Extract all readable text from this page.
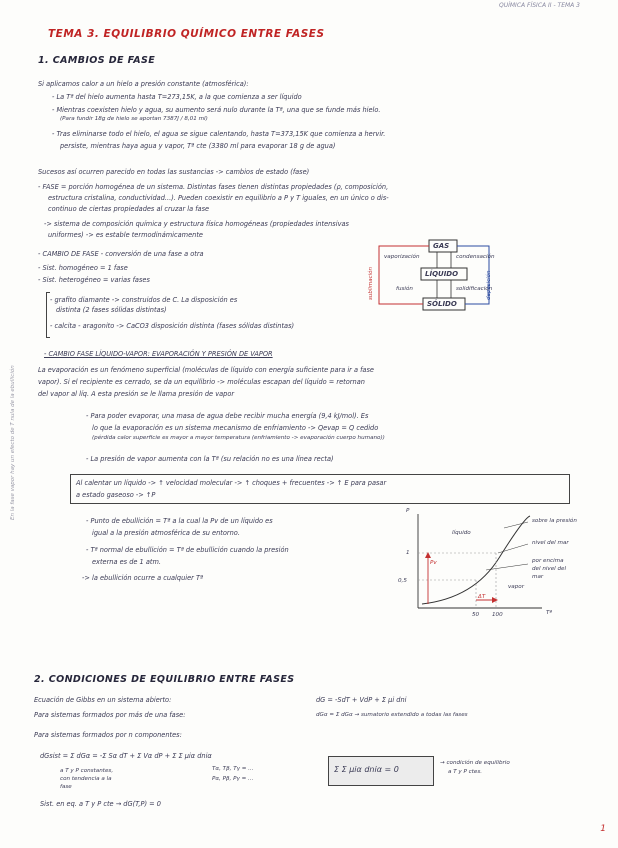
QUÍMICA FÍSICA II - TEMA 3
TEMA 3. EQUILIBRIO QUÍMICO ENTRE FASES
1. CAMBIOS DE FASE
Si aplicamos calor a un hielo a presión constante (atmosférica):
- La Tª del hielo aumenta hasta T=273,15K, a la que comienza a ser líquido
- Mientras coexisten hielo y agua, su aumento será nulo durante la Tª, una que se funde más hielo.
(Para fundir 18g de hielo se aportan 7387J / 8,01 ml)
- Tras eliminarse todo el hielo, el agua se sigue calentando, hasta T=373,15K que comienza a hervir.
persiste, mientras haya agua y vapor, Tª cte (3380 ml para evaporar 18 g de agua)
Sucesos así ocurren parecido en todas las sustancias -> cambios de estado (fase)
- FASE = porción homogénea de un sistema. Distintas fases tienen distintas propiedades (ρ, composición,
estructura cristalina, conductividad...). Pueden coexistir en equilibrio a P y T iguales, en un único o dis-
continuo de ciertas propiedades al cruzar la fase
-> sistema de composición química y estructura física homogéneas (propiedades intensivas
uniformes) -> es estable termodinámicamente
- CAMBIO DE FASE - conversión de una fase a otra
- Sist. homogéneo = 1 fase
- Sist. heterogéneo = varias fases
- grafito diamante -> construidos de C. La disposición es
distinta (2 fases sólidas distintas)
- calcita - aragonito -> CaCO3 disposición distinta (fases sólidas distintas)
GAS
LÍQUIDO
SÓLIDO
vaporización	condensación
fusión	solidificación
sublimación	deposición
- CAMBIO FASE LÍQUIDO-VAPOR: EVAPORACIÓN Y PRESIÓN DE VAPOR
La evaporación es un fenómeno superficial (moléculas de líquido con energía suficiente para ir a fase
vapor). Si el recipiente es cerrado, se da un equilibrio -> moléculas escapan del líquido = retornan
del vapor al líq. A esta presión se le llama presión de vapor
- Para poder evaporar, una masa de agua debe recibir mucha energía (9,4 kJ/mol). Es
lo que la evaporación es un sistema mecanismo de enfriamiento -> Qevap = Q cedido
(pérdida calor superficie es mayor a mayor temperatura (enfriamiento -> evaporación cuerpo humano))
- La presión de vapor aumenta con la Tª (su relación no es una línea recta)
Al calentar un líquido -> ↑ velocidad molecular -> ↑ choques + frecuentes -> ↑ E para pasar
a estado gaseoso -> ↑P
- Punto de ebullición = Tª a la cual la Pv de un líquido es
igual a la presión atmosférica de su entorno.
- Tª normal de ebullición = Tª de ebullición cuando la presión
externa es de 1 atm.
-> la ebullición ocurre a cualquier Tª
En la fase vapor hay un efecto de T nula de la ebullición	P
Tª
líquido
vapor
sobre la presión
nivel del mar
por encima
del nivel del
mar
Pv
1
0,5
50 100
ΔT
2. CONDICIONES DE EQUILIBRIO ENTRE FASES
Ecuación de Gibbs en un sistema abierto:	dG = -SdT + VdP + Σ μi dni
Para sistemas formados por más de una fase:	dGα = Σ dGα → sumatorio extendido a todas las fases
Para sistemas formados por n componentes:
dGsist = Σ dGα = -Σ Sα dT + Σ Vα dP + Σ Σ μiα dniα
a T y P constantes,
con tendencia a la
fase
Tα, Tβ, Tγ = ...
Pα, Pβ, Pγ = ...
Σ Σ μiα dniα = 0
→ condición de equilibrio
a T y P ctes.
Sist. en eq. a T y P cte → dG(T,P) = 0
1
